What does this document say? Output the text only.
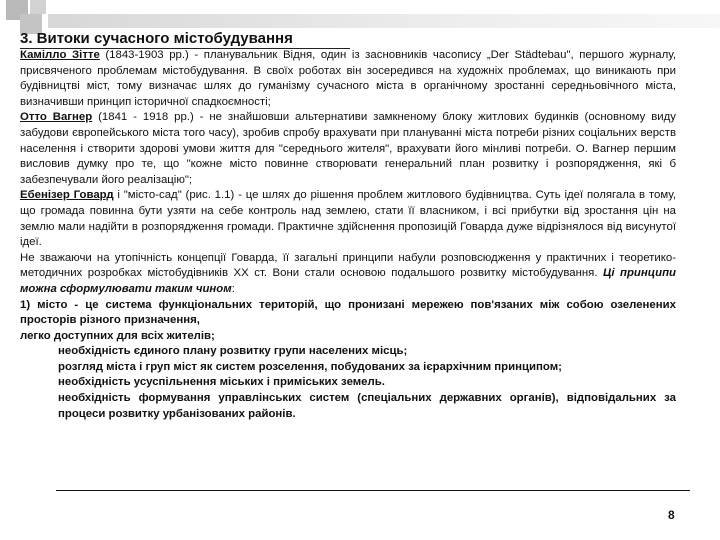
3. Витоки сучасного містобудування

Каміллo Зітте (1843-1903 рр.) - планувальник Відня, один із засновників часопису „Der Städtebau", першого журналу, присвяченого проблемам містобудування. В своїх роботах він зосередився на художніх проблемах, що виникають при будівництві міст, тому визначає шлях до гуманізму сучасного міста в органічному зростанні середньовічного міста, визначивши принцип історичної спадкоємності;

Отто Вагнер (1841 - 1918 рр.) - не знайшовши альтернативи замкненому блоку житлових будинків (основному виду забудови європейського міста того часу), зробив спробу врахувати при плануванні міста потреби різних соціальних верств населення і створити здорові умови життя для "середнього жителя", врахувати його мінливі потреби. О. Вагнер першим висловив думку про те, що "кожне місто повинне створювати генеральний план розвитку і розпорядження, які б забезпечували його реалізацію";

Ебенізер Говард і "місто-сад" (рис. 1.1) - це шлях до рішення проблем житлового будівництва. Суть ідеї полягала в тому, що громада повинна бути узяти на себе контроль над землею, стати її власником, і всі прибутки від зростання цін на землю мали надійти в розпорядження громади. Практичне здійснення пропозицій Говарда дуже відрізнялося від висунутої ідеї.

Не зважаючи на утопічність концепції Говарда, її загальні принципи набули розповсюдження у практичних і теоретико-методичних розробках містобудівників XX ст. Вони стали основою подальшого розвитку містобудування. Ці принципи можна сформулювати таким чином:

1) місто - це система функціональних територій, що пронизані мережею пов'язаних між собою озеленених просторів різного призначення,

легко доступних для всіх жителів;

необхідність єдиного плану розвитку групи населених місць;

розгляд міста і груп міст як систем розселення, побудованих за ієрархічним принципом;

необхідність усуспільнення міських і приміських земель.

необхідність формування управлінських систем (спеціальних державних органів), відповідальних за процеси розвитку урбанізованих районів.

8
